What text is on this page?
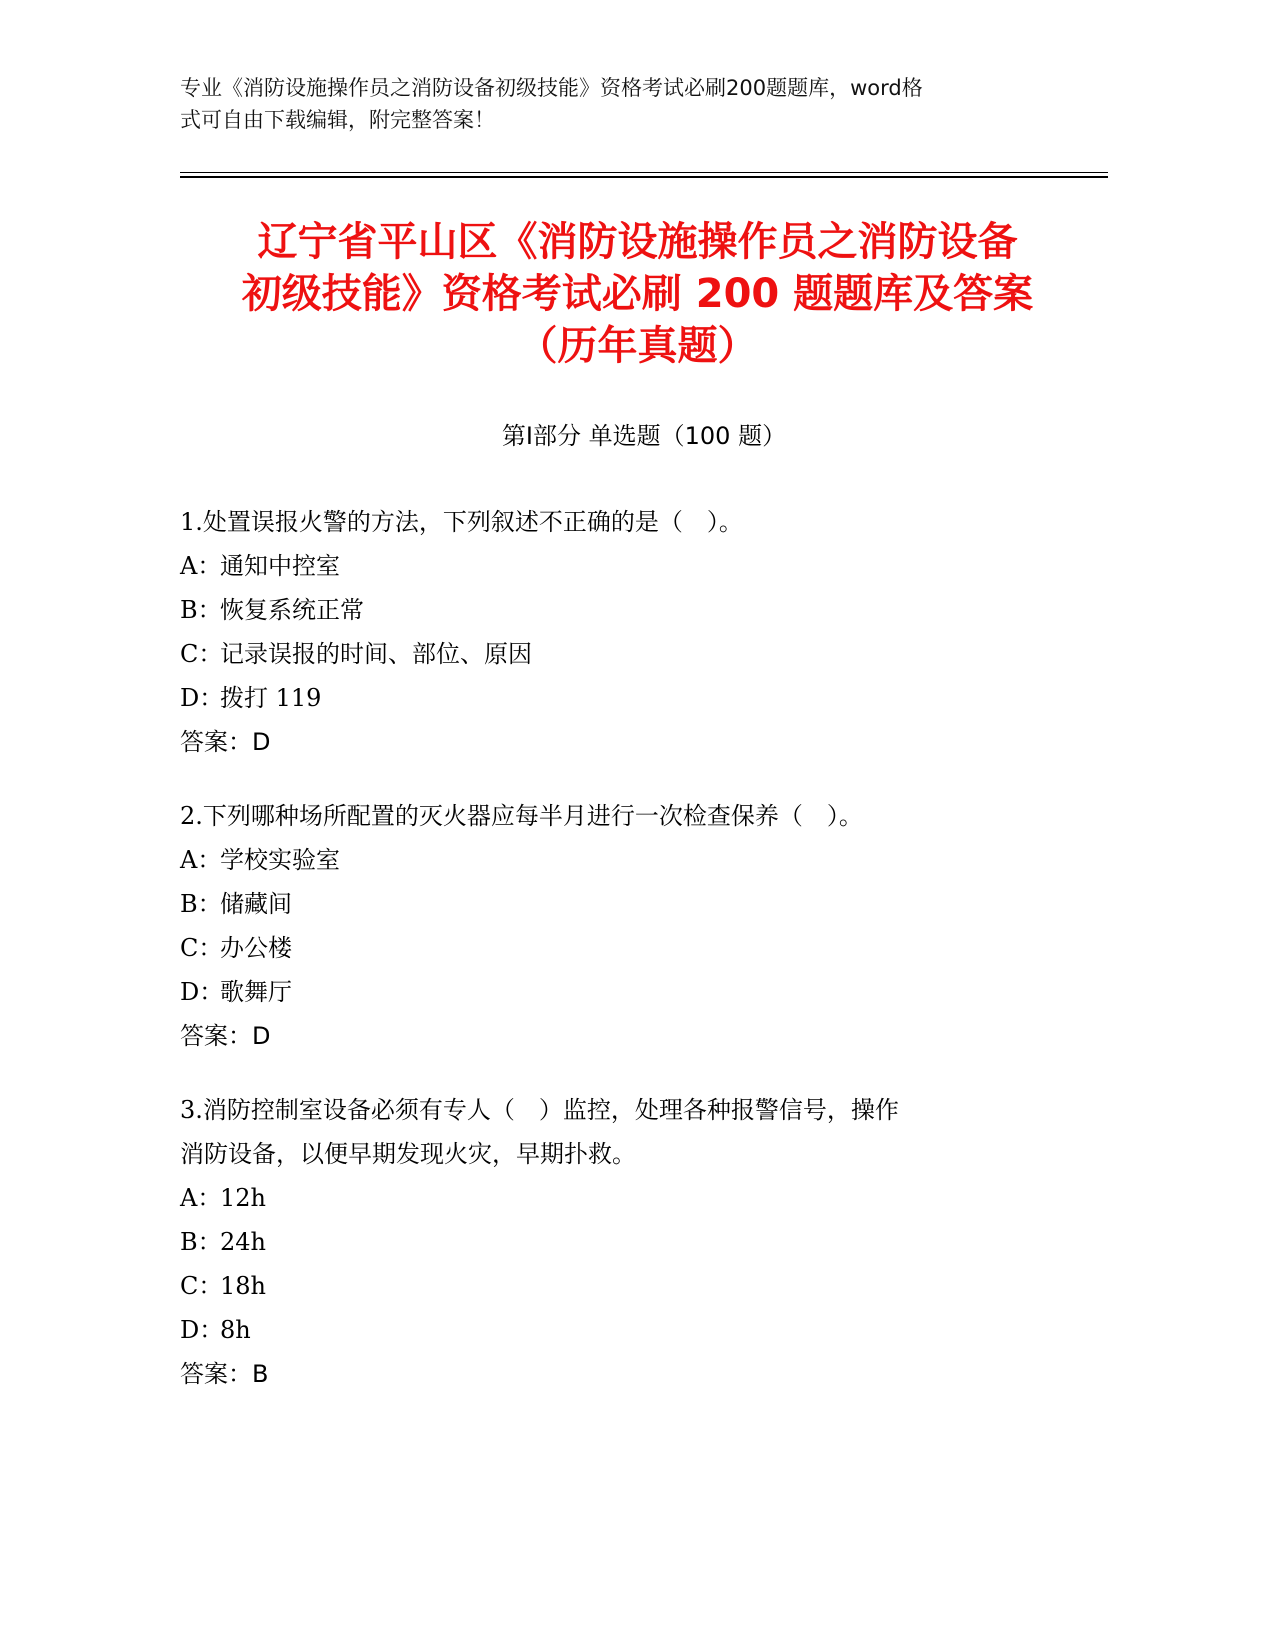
专业《消防设施操作员之消防设备初级技能》资格考试必刷200题题库，word格
式可自由下载编辑，附完整答案！
辽宁省平山区《消防设施操作员之消防设备
初级技能》资格考试必刷 200 题题库及答案
（历年真题）
第Ⅰ部分 单选题（100 题）
1.处置误报火警的方法，下列叙述不正确的是（　）。
A：通知中控室
B：恢复系统正常
C：记录误报的时间、部位、原因
D：拨打 119
答案：D
2.下列哪种场所配置的灭火器应每半月进行一次检查保养（　）。
A：学校实验室
B：储藏间
C：办公楼
D：歌舞厅
答案：D
3.消防控制室设备必须有专人（　）监控，处理各种报警信号，操作
消防设备，以便早期发现火灾，早期扑救。
A：12h
B：24h
C：18h
D：8h
答案：B
